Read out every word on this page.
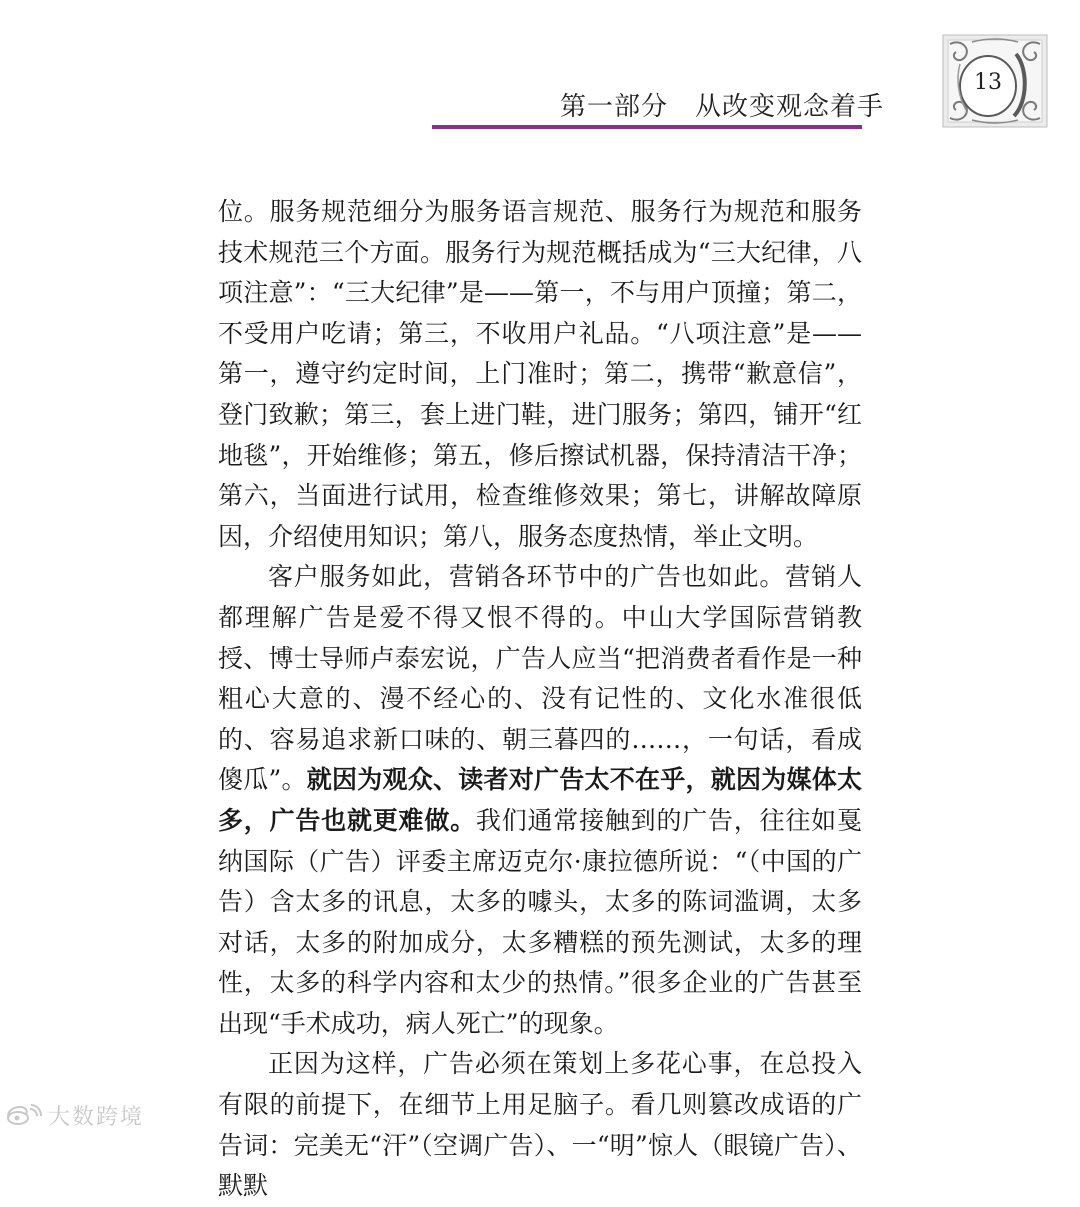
第一部分　从改变观念着手
13

位。服务规范细分为服务语言规范、服务行为规范和服务技术规范三个方面。服务行为规范概括成为“三大纪律，八项注意”：“三大纪律”是——第一，不与用户顶撞；第二，不受用户吃请；第三，不收用户礼品。“八项注意”是——第一，遵守约定时间，上门准时；第二，携带“歉意信”，登门致歉；第三，套上进门鞋，进门服务；第四，铺开“红地毯”，开始维修；第五，修后擦试机器，保持清洁干净；第六，当面进行试用，检查维修效果；第七，讲解故障原因，介绍使用知识；第八，服务态度热情，举止文明。

客户服务如此，营销各环节中的广告也如此。营销人都理解广告是爱不得又恨不得的。中山大学国际营销教授、博士导师卢泰宏说，广告人应当“把消费者看作是一种粗心大意的、漫不经心的、没有记性的、文化水准很低的、容易追求新口味的、朝三暮四的……，一句话，看成傻瓜”。就因为观众、读者对广告太不在乎，就因为媒体太多，广告也就更难做。我们通常接触到的广告，往往如戛纳国际（广告）评委主席迈克尔·康拉德所说：“（中国的广告）含太多的讯息，太多的噱头，太多的陈词滥调，太多对话，太多的附加成分，太多糟糕的预先测试，太多的理性，太多的科学内容和太少的热情。”很多企业的广告甚至出现“手术成功，病人死亡”的现象。

正因为这样，广告必须在策划上多花心事，在总投入有限的前提下，在细节上用足脑子。看几则篡改成语的广告词：完美无“汗”（空调广告）、一“明”惊人（眼镜广告）、默默

大数跨境
